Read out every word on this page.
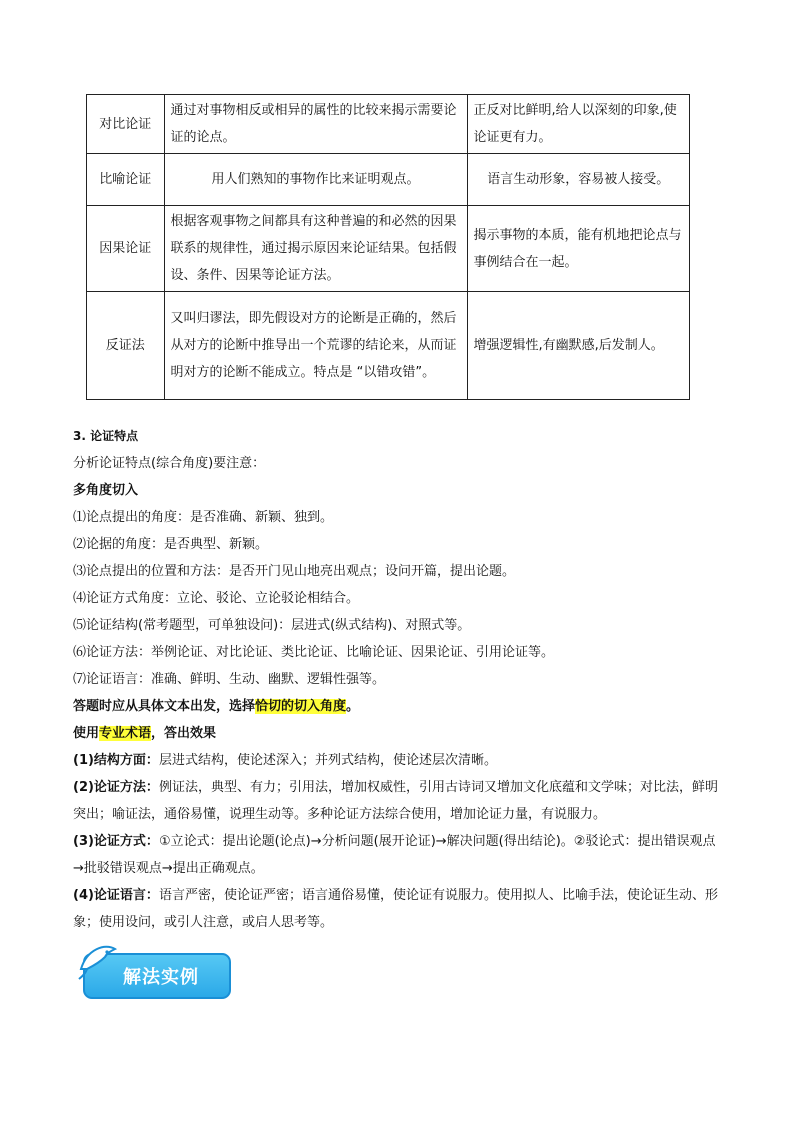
对比论证	通过对事物相反或相异的属性的比较来揭示需要论证的论点。	正反对比鲜明,给人以深刻的印象,使论证更有力。
比喻论证	用人们熟知的事物作比来证明观点。	语言生动形象，容易被人接受。
因果论证	根据客观事物之间都具有这种普遍的和必然的因果联系的规律性，通过揭示原因来论证结果。包括假设、条件、因果等论证方法。	揭示事物的本质，能有机地把论点与事例结合在一起。
反证法	又叫归谬法，即先假设对方的论断是正确的，然后从对方的论断中推导出一个荒谬的结论来，从而证明对方的论断不能成立。特点是 “以错攻错”。	增强逻辑性,有幽默感,后发制人。

3. 论证特点

分析论证特点(综合角度)要注意：

多角度切入

⑴论点提出的角度：是否准确、新颖、独到。

⑵论据的角度：是否典型、新颖。

⑶论点提出的位置和方法：是否开门见山地亮出观点；设问开篇，提出论题。

⑷论证方式角度：立论、驳论、立论驳论相结合。

⑸论证结构(常考题型，可单独设问)：层进式(纵式结构)、对照式等。

⑹论证方法：举例论证、对比论证、类比论证、比喻论证、因果论证、引用论证等。

⑺论证语言：准确、鲜明、生动、幽默、逻辑性强等。

答题时应从具体文本出发，选择恰切的切入角度。

使用专业术语，答出效果

(1)结构方面：层进式结构，使论述深入；并列式结构，使论述层次清晰。

(2)论证方法：例证法，典型、有力；引用法，增加权威性，引用古诗词又增加文化底蕴和文学味；对比法，鲜明突出；喻证法，通俗易懂，说理生动等。多种论证方法综合使用，增加论证力量，有说服力。

(3)论证方式：①立论式：提出论题(论点)→分析问题(展开论证)→解决问题(得出结论)。②驳论式：提出错误观点→批驳错误观点→提出正确观点。

(4)论证语言：语言严密，使论证严密；语言通俗易懂，使论证有说服力。使用拟人、比喻手法，使论证生动、形象；使用设问，或引人注意，或启人思考等。

解法实例
